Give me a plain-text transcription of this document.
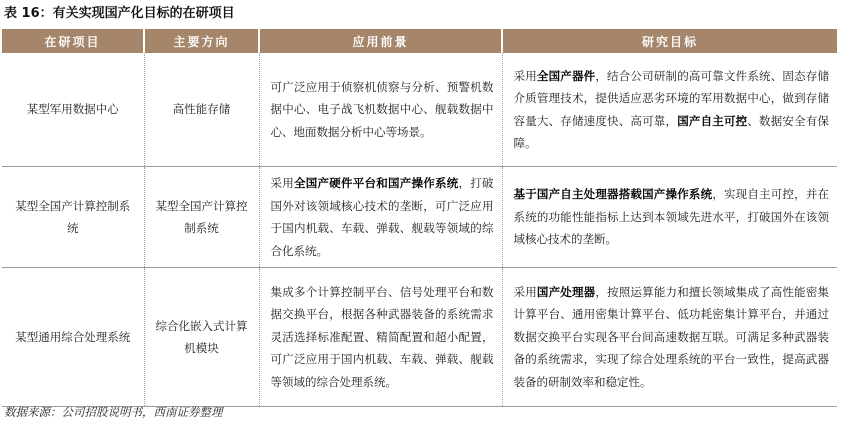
表 16：有关实现国产化目标的在研项目
在研项目	主要方向	应用前景	研究目标
某型军用数据中心	高性能存储	可广泛应用于侦察机侦察与分析、预警机数据中心、电子战飞机数据中心、舰载数据中心、地面数据分析中心等场景。	采用全国产器件，结合公司研制的高可靠文件系统、固态存储介质管理技术，提供适应恶劣环境的军用数据中心，做到存储容量大、存储速度快、高可靠，国产自主可控、数据安全有保障。
某型全国产计算控制系统	某型全国产计算控制系统	采用全国产硬件平台和国产操作系统，打破国外对该领域核心技术的垄断，可广泛应用于国内机载、车载、弹载、舰载等领域的综合化系统。	基于国产自主处理器搭载国产操作系统，实现自主可控，并在系统的功能性能指标上达到本领域先进水平，打破国外在该领域核心技术的垄断。
某型通用综合处理系统	综合化嵌入式计算机模块	集成多个计算控制平台、信号处理平台和数据交换平台，根据各种武器装备的系统需求灵活选择标准配置、精简配置和超小配置，可广泛应用于国内机载、车载、弹载、舰载等领域的综合处理系统。	采用国产处理器，按照运算能力和擅长领域集成了高性能密集计算平台、通用密集计算平台、低功耗密集计算平台，并通过数据交换平台实现各平台间高速数据互联。可满足多种武器装备的系统需求，实现了综合处理系统的平台一致性，提高武器装备的研制效率和稳定性。
数据来源：公司招股说明书，西南证券整理
